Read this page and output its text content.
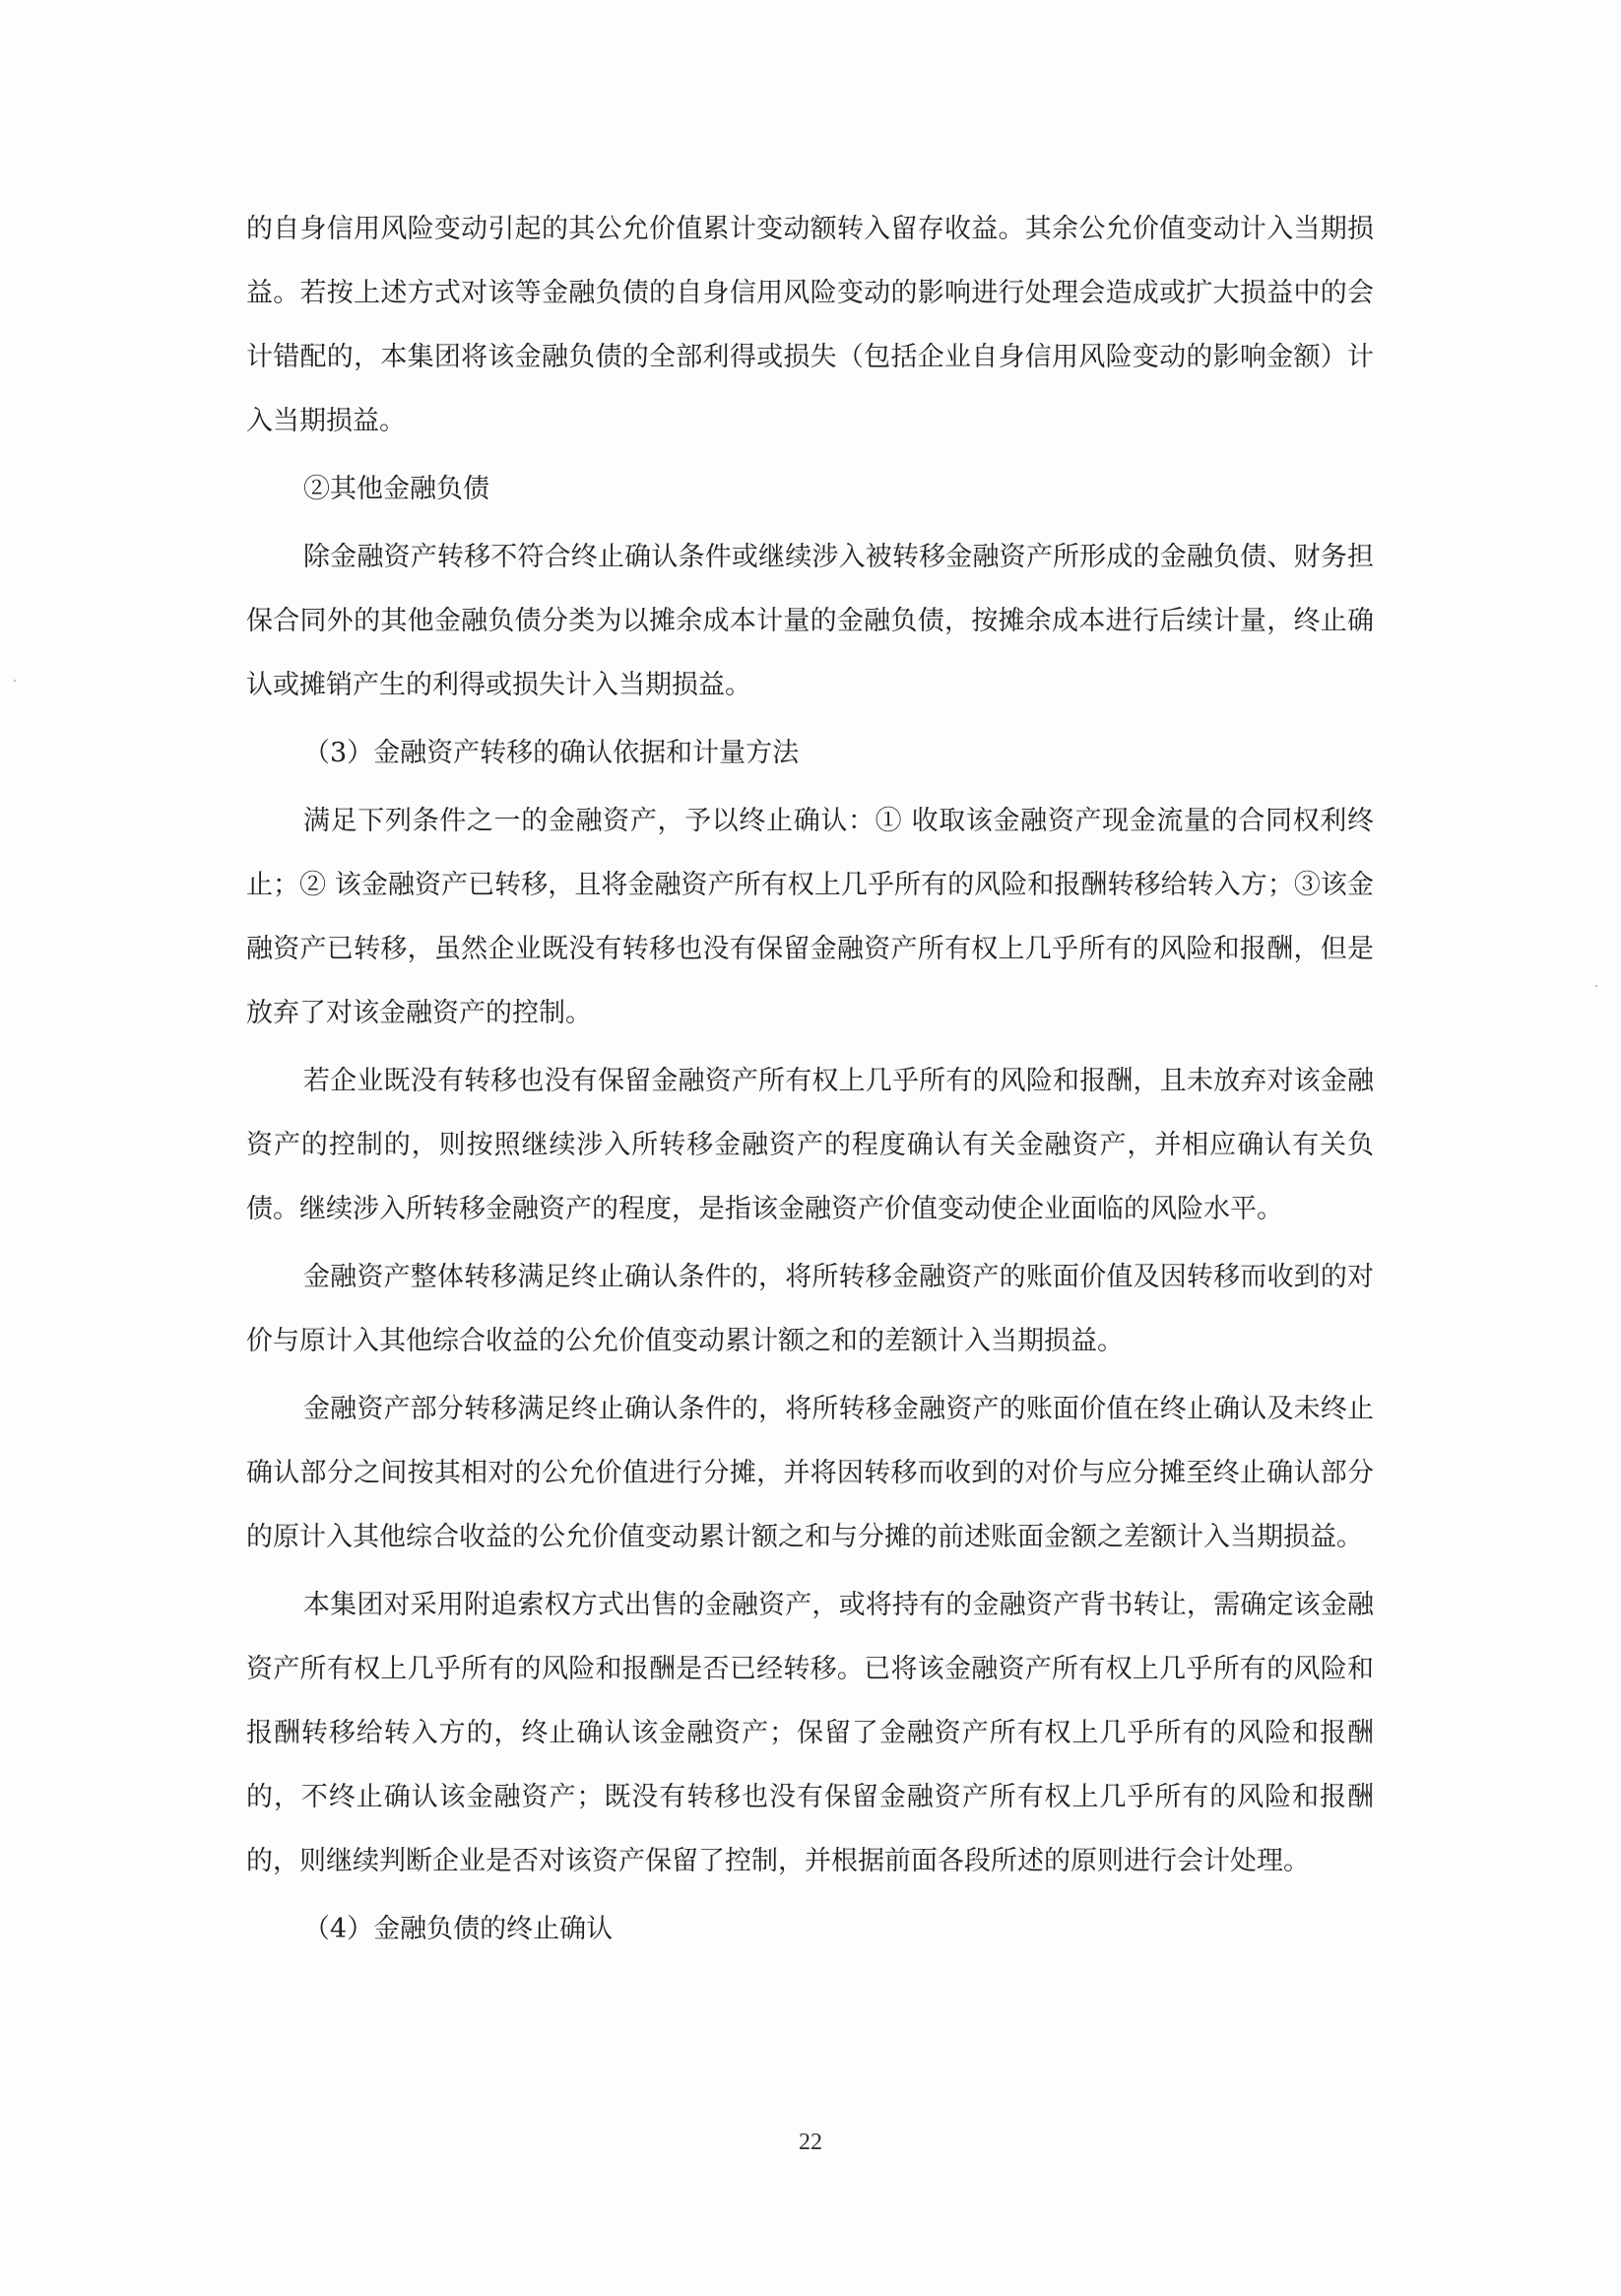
的自身信用风险变动引起的其公允价值累计变动额转入留存收益。其余公允价值变动计入当期损益。若按上述方式对该等金融负债的自身信用风险变动的影响进行处理会造成或扩大损益中的会计错配的，本集团将该金融负债的全部利得或损失（包括企业自身信用风险变动的影响金额）计入当期损益。

②其他金融负债

除金融资产转移不符合终止确认条件或继续涉入被转移金融资产所形成的金融负债、财务担保合同外的其他金融负债分类为以摊余成本计量的金融负债，按摊余成本进行后续计量，终止确认或摊销产生的利得或损失计入当期损益。

（3）金融资产转移的确认依据和计量方法

满足下列条件之一的金融资产，予以终止确认：① 收取该金融资产现金流量的合同权利终止；② 该金融资产已转移，且将金融资产所有权上几乎所有的风险和报酬转移给转入方；③该金融资产已转移，虽然企业既没有转移也没有保留金融资产所有权上几乎所有的风险和报酬，但是放弃了对该金融资产的控制。

若企业既没有转移也没有保留金融资产所有权上几乎所有的风险和报酬，且未放弃对该金融资产的控制的，则按照继续涉入所转移金融资产的程度确认有关金融资产，并相应确认有关负债。继续涉入所转移金融资产的程度，是指该金融资产价值变动使企业面临的风险水平。

金融资产整体转移满足终止确认条件的，将所转移金融资产的账面价值及因转移而收到的对价与原计入其他综合收益的公允价值变动累计额之和的差额计入当期损益。

金融资产部分转移满足终止确认条件的，将所转移金融资产的账面价值在终止确认及未终止确认部分之间按其相对的公允价值进行分摊，并将因转移而收到的对价与应分摊至终止确认部分的原计入其他综合收益的公允价值变动累计额之和与分摊的前述账面金额之差额计入当期损益。

本集团对采用附追索权方式出售的金融资产，或将持有的金融资产背书转让，需确定该金融资产所有权上几乎所有的风险和报酬是否已经转移。已将该金融资产所有权上几乎所有的风险和报酬转移给转入方的，终止确认该金融资产；保留了金融资产所有权上几乎所有的风险和报酬的，不终止确认该金融资产；既没有转移也没有保留金融资产所有权上几乎所有的风险和报酬的，则继续判断企业是否对该资产保留了控制，并根据前面各段所述的原则进行会计处理。

（4）金融负债的终止确认

22
